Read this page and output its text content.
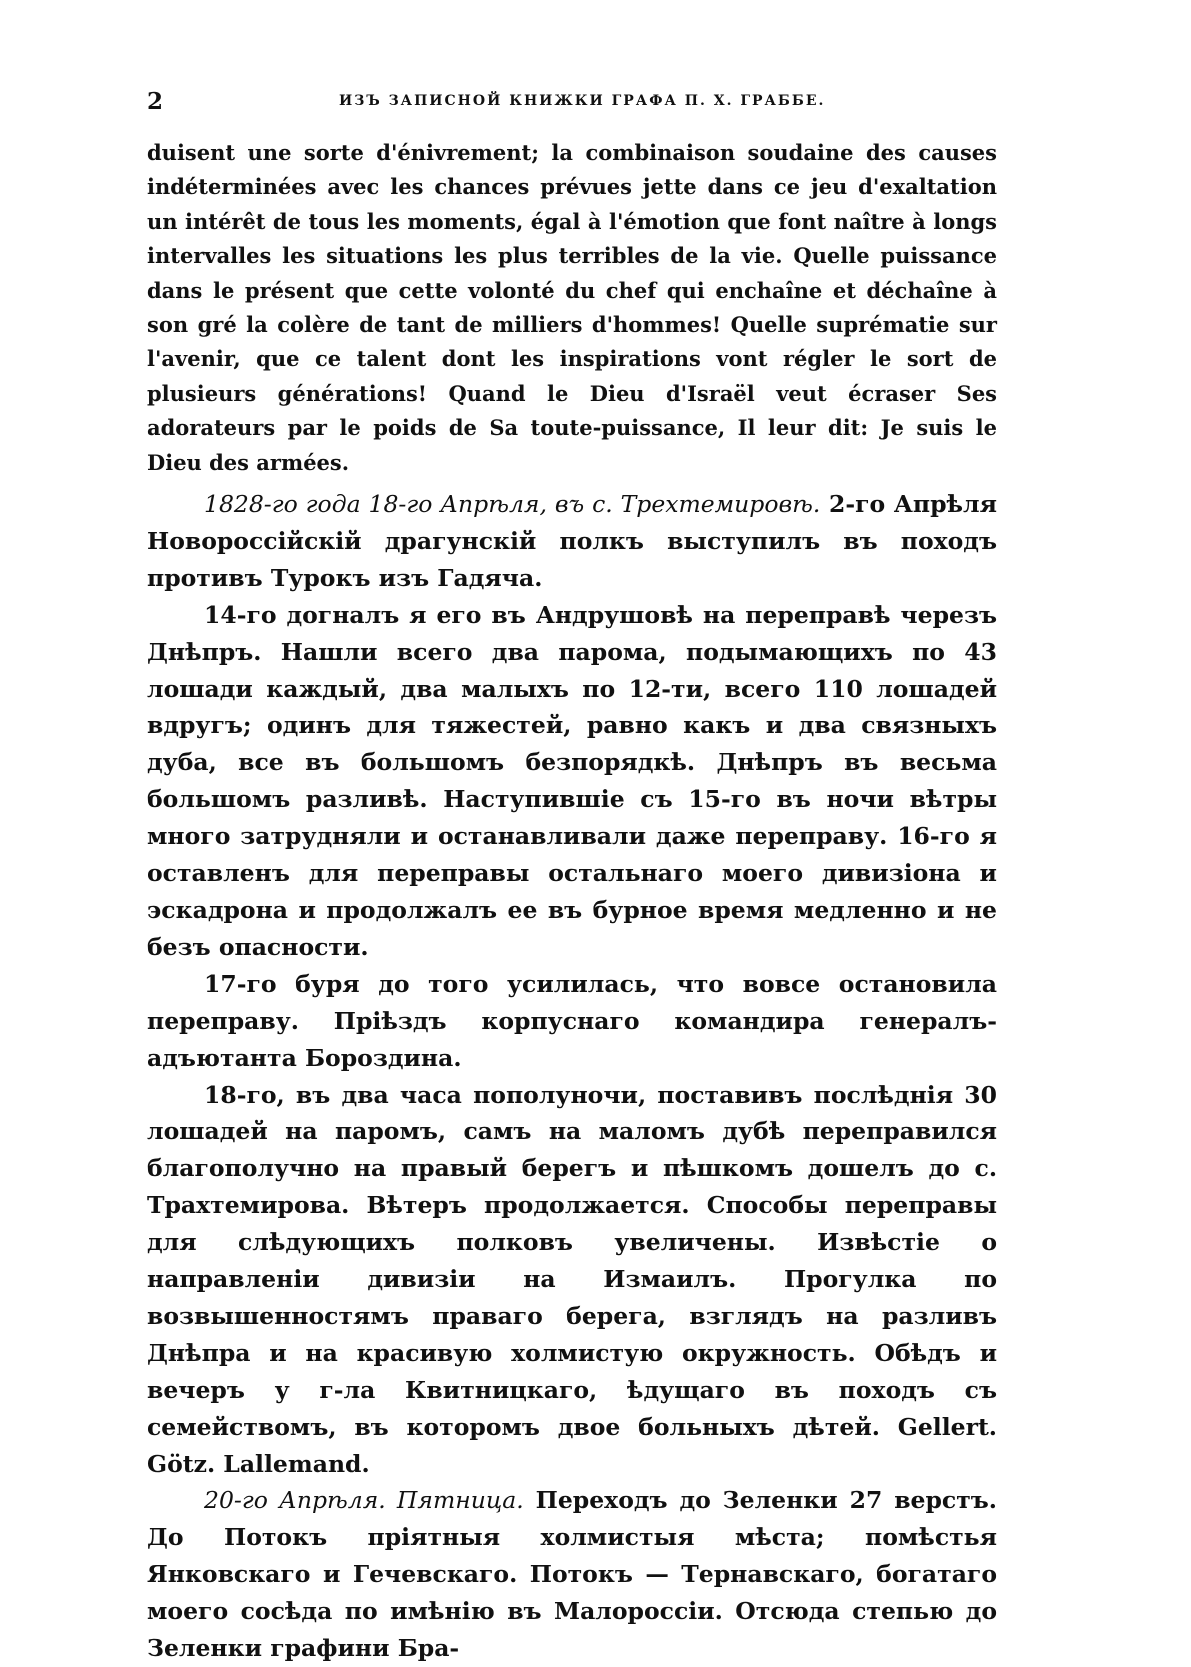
2	ИЗЪ ЗАПИСНОЙ КНИЖКИ ГРАФА П. Х. ГРАББЕ.

duisent une sorte d'énivrement; la combinaison soudaine des causes indéterminées avec les chances prévues jette dans ce jeu d'exaltation un intérêt de tous les moments, égal à l'émotion que font naître à longs intervalles les situations les plus terribles de la vie. Quelle puissance dans le présent que cette volonté du chef qui enchaîne et déchaîne à son gré la colère de tant de milliers d'hommes! Quelle suprématie sur l'avenir, que ce talent dont les inspirations vont régler le sort de plusieurs générations! Quand le Dieu d'Israël veut écraser Ses adorateurs par le poids de Sa toute-puissance, Il leur dit: Je suis le Dieu des armées.

1828-го года 18-го Апрѣля, въ с. Трехтемировѣ. 2-го Апрѣля Новороссійскій драгунскій полкъ выступилъ въ походъ противъ Турокъ изъ Гадяча.

14-го догналъ я его въ Андрушовѣ на переправѣ черезъ Днѣпръ. Нашли всего два парома, подымающихъ по 43 лошади каждый, два малыхъ по 12-ти, всего 110 лошадей вдругъ; одинъ для тяжестей, равно какъ и два связныхъ дуба, все въ большомъ безпорядкѣ. Днѣпръ въ весьма большомъ разливѣ. Наступившіе съ 15-го въ ночи вѣтры много затрудняли и останавливали даже переправу. 16-го я оставленъ для переправы остальнаго моего дивизіона и эскадрона и продолжалъ ее въ бурное время медленно и не безъ опасности.

17-го буря до того усилилась, что вовсе остановила переправу. Пріѣздъ корпуснаго командира генералъ-адъютанта Бороздина.

18-го, въ два часа пополуночи, поставивъ послѣднія 30 лошадей на паромъ, самъ на маломъ дубѣ переправился благополучно на правый берегъ и пѣшкомъ дошелъ до с. Трахтемирова. Вѣтеръ продолжается. Способы переправы для слѣдующихъ полковъ увеличены. Извѣстіе о направленіи дивизіи на Измаилъ. Прогулка по возвышенностямъ праваго берега, взглядъ на разливъ Днѣпра и на красивую холмистую окружность. Обѣдъ и вечеръ у г-ла Квитницкаго, ѣдущаго въ походъ съ семействомъ, въ которомъ двое больныхъ дѣтей. Gellert. Götz. Lallemand.

20-го Апрѣля. Пятница. Переходъ до Зеленки 27 верстъ. До Потокъ пріятныя холмистыя мѣста; помѣстья Янковскаго и Гечевскаго. Потокъ — Тернавскаго, богатаго моего сосѣда по имѣнію въ Малороссіи. Отсюда степью до Зеленки графини Бра-
